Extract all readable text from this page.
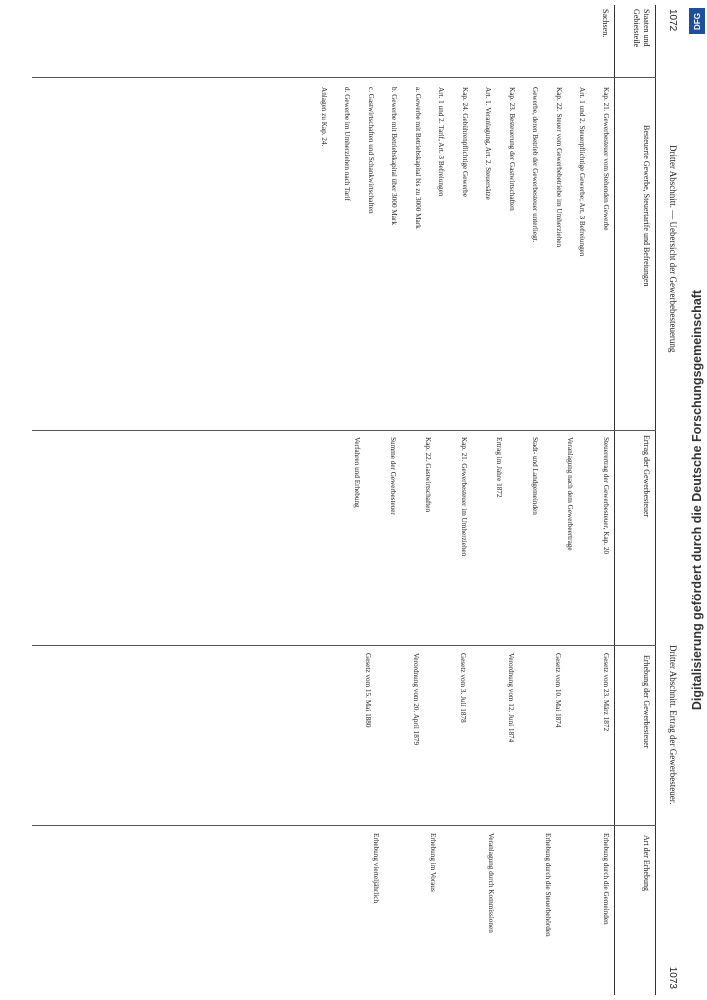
1072
1073
Dritter Abschnitt. — Uebersicht der Gewerbebesteuerung
Dritter Abschnitt. Ertrag der Gewerbesteuer.
Staaten und Gebietsteile
Besteuerte Gewerbe, Steuertarife und Befreiungen
Ertrag der Gewerbesteuer
Erhebung der Gewerbesteuer
Art der Erhebung
Sachsen.
Kap. 21. Gewerbesteuer vom Stehenden Gewerbe
Art. 1 und 2. Steuerpflichtige Gewerbe; Art. 3 Befreiungen
Kap. 22. Steuer vom Gewerbebetriebe im Umherziehen
Gewerbe, deren Betrieb der Gewerbesteuer unterliegt.
Kap. 23. Besteuerung der Gastwirtschaften
Art. 1. Veranlagung, Art. 2. Steuersätze
Kap. 24. Gebührenpflichtige Gewerbe
Art. 1 und 2. Tarif, Art. 3 Befreiungen
a. Gewerbe mit Betriebskapital bis zu 3000 Mark
b. Gewerbe mit Betriebskapital über 3000 Mark
c. Gastwirtschaften und Schankwirtschaften
d. Gewerbe im Umherziehen nach Tarif
Anlagen zu Kap. 24.
Steuerertrag der Gewerbesteuer, Kap. 20
Veranlagung nach dem Gewerbeertrage
Stadt- und Landgemeinden
Ertrag im Jahre 1872
Kap. 21. Gewerbesteuer im Umherziehen
Kap. 22. Gastwirtschaften
Summe der Gewerbesteuer
Verfahren und Erhebung
Gesetz vom 23. März 1872
Gesetz vom 10. Mai 1874
Verordnung vom 12. Juni 1874
Gesetz vom 3. Juli 1878
Verordnung vom 20. April 1879
Gesetz vom 15. Mai 1880
Erhebung durch die Gemeinden
Erhebung durch die Steuerbehörden
Veranlagung durch Kommissionen
Erhebung im Voraus
Erhebung vierteljährlich
Digitalisierung gefördert durch die Deutsche Forschungsgemeinschaft
DFG
